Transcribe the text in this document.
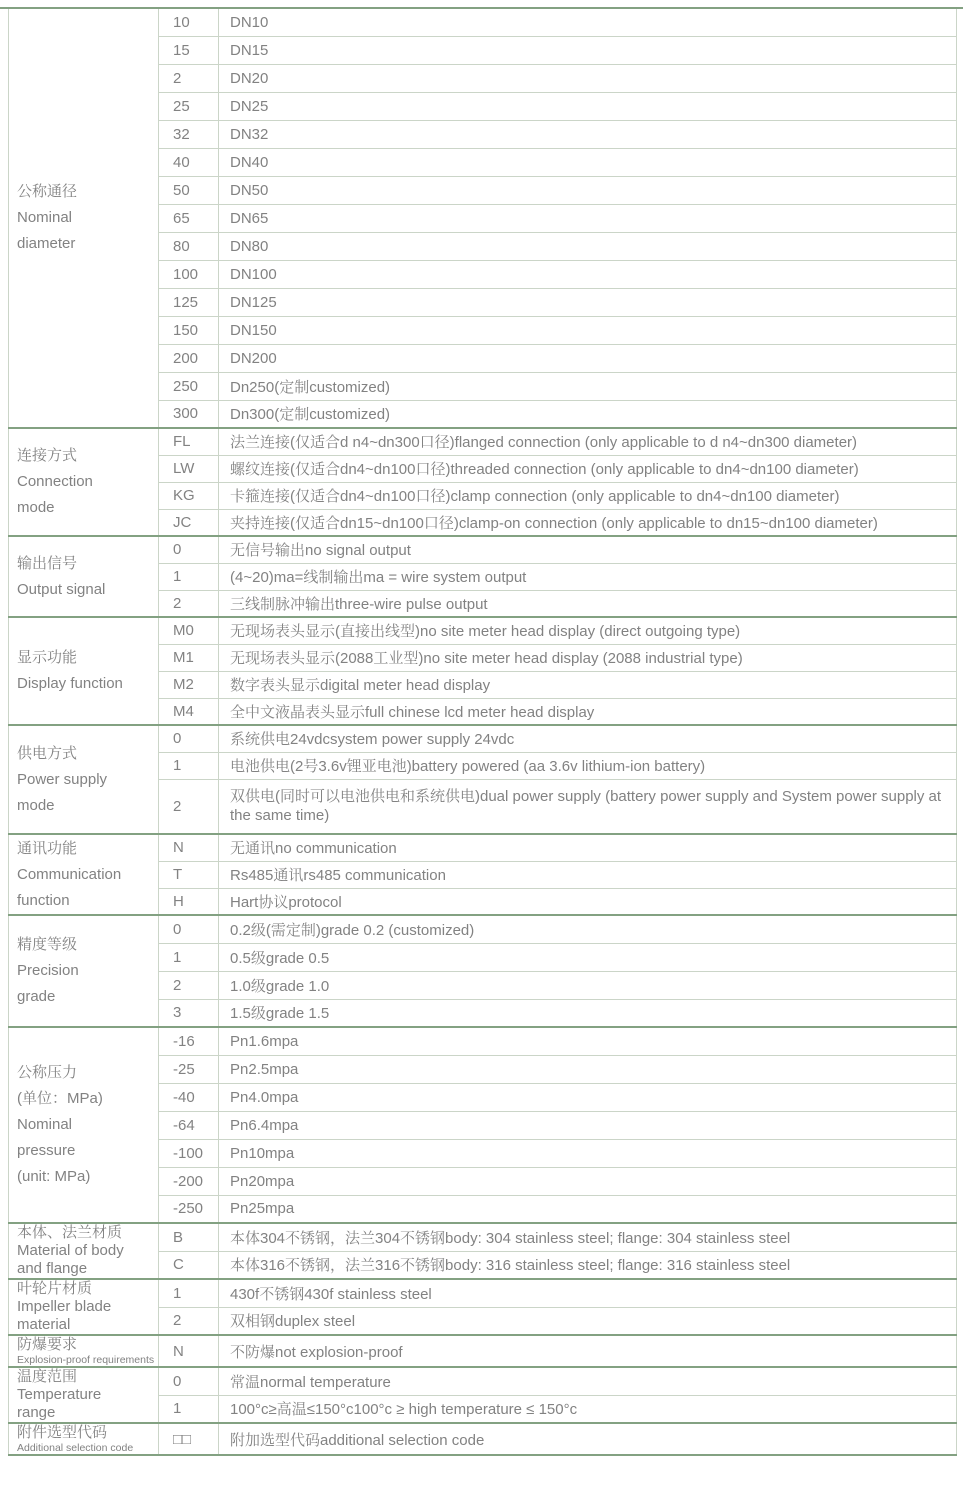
公称通径
Nominal
diameter	10	DN10
	15	DN15
	2	DN20
	25	DN25
	32	DN32
	40	DN40
	50	DN50
	65	DN65
	80	DN80
	100	DN100
	125	DN125
	150	DN150
	200	DN200
	250	Dn250(定制customized)
	300	Dn300(定制customized)

连接方式
Connection
mode	FL	法兰连接(仅适合d n4~dn300口径)flanged connection (only applicable to d n4~dn300 diameter)
	LW	螺纹连接(仅适合dn4~dn100口径)threaded connection (only applicable to dn4~dn100 diameter)
	KG	卡箍连接(仅适合dn4~dn100口径)clamp connection (only applicable to dn4~dn100 diameter)
	JC	夹持连接(仅适合dn15~dn100口径)clamp-on connection (only applicable to dn15~dn100 diameter)

输出信号
Output signal	0	无信号输出no signal output
	1	(4~20)ma=线制输出ma = wire system output
	2	三线制脉冲输出three-wire pulse output

显示功能
Display function	M0	无现场表头显示(直接出线型)no site meter head display (direct outgoing type)
	M1	无现场表头显示(2088工业型)no site meter head display (2088 industrial type)
	M2	数字表头显示digital meter head display
	M4	全中文液晶表头显示full chinese lcd meter head display

供电方式
Power supply
mode	0	系统供电24vdcsystem power supply 24vdc
	1	电池供电(2号3.6v锂亚电池)battery powered (aa 3.6v lithium-ion battery)
	2	双供电(同时可以电池供电和系统供电)dual power supply (battery power supply and System power supply at the same time)

通讯功能
Communication
function	N	无通讯no communication
	T	Rs485通讯rs485 communication
	H	Hart协议protocol

精度等级
Precision
grade	0	0.2级(需定制)grade 0.2 (customized)
	1	0.5级grade 0.5
	2	1.0级grade 1.0
	3	1.5级grade 1.5

公称压力
(单位：MPa)
Nominal
pressure
(unit: MPa)	-16	Pn1.6mpa
	-25	Pn2.5mpa
	-40	Pn4.0mpa
	-64	Pn6.4mpa
	-100	Pn10mpa
	-200	Pn20mpa
	-250	Pn25mpa

本体、法兰材质
Material of body
and flange	B	本体304不锈钢，法兰304不锈钢body: 304 stainless steel; flange: 304 stainless steel
	C	本体316不锈钢，法兰316不锈钢body: 316 stainless steel; flange: 316 stainless steel

叶轮片材质
Impeller blade
material	1	430f不锈钢430f stainless steel
	2	双相钢duplex steel

防爆要求
Explosion-proof requirements	N	不防爆not explosion-proof

温度范围
Temperature
range	0	常温normal temperature
	1	100°c≥高温≤150°c100°c ≥ high temperature ≤ 150°c

附件选型代码
Additional selection code	□□	附加选型代码additional selection code
